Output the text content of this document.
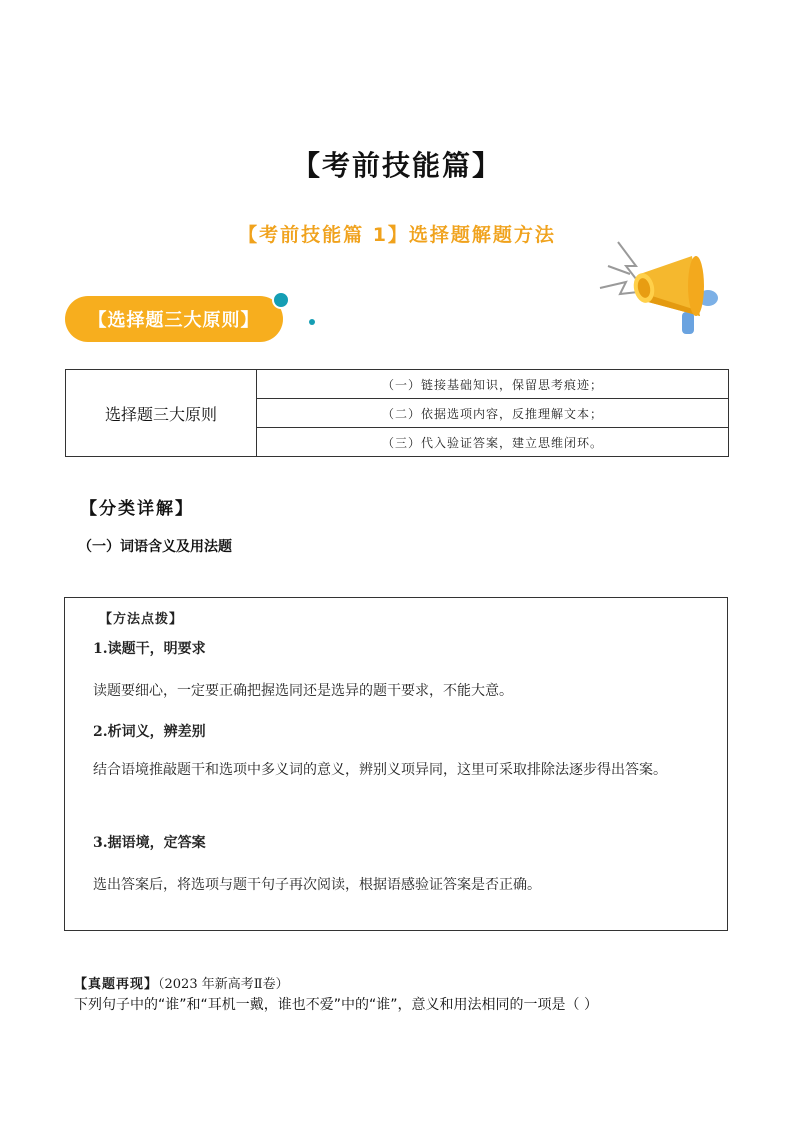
【考前技能篇】
【考前技能篇 1】选择题解题方法
【选择题三大原则】
选择题三大原则	（一）链接基础知识，保留思考痕迹；
（二）依据选项内容，反推理解文本；
（三）代入验证答案，建立思维闭环。
【分类详解】
（一）词语含义及用法题
【方法点拨】
1.读题干，明要求
读题要细心，一定要正确把握选同还是选异的题干要求，不能大意。
2.析词义，辨差别
结合语境推敲题干和选项中多义词的意义，辨别义项异同，这里可采取排除法逐步得出答案。
3.据语境，定答案
选出答案后，将选项与题干句子再次阅读，根据语感验证答案是否正确。
【真题再现】（2023 年新高考Ⅱ卷）
下列句子中的“谁”和“耳机一戴，谁也不爱”中的“谁”，意义和用法相同的一项是（ ）
